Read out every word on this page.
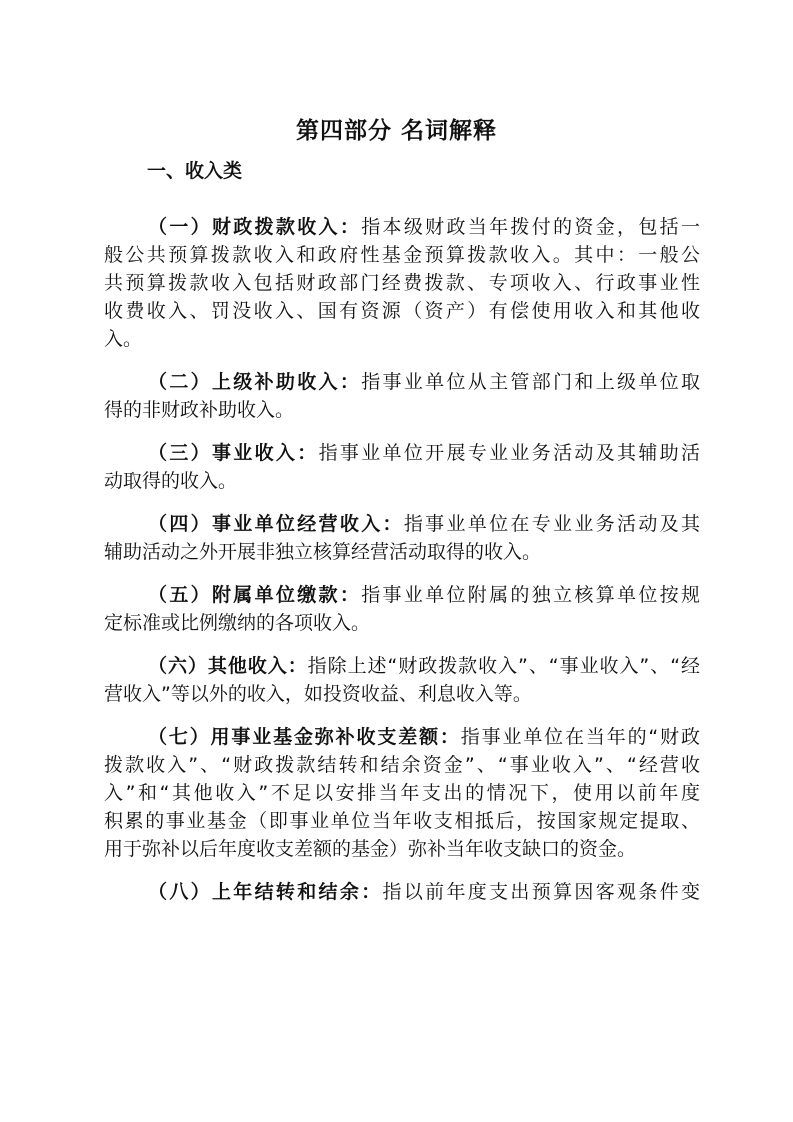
第四部分 名词解释
一、收入类
（一）财政拨款收入：指本级财政当年拨付的资金，包括一
般公共预算拨款收入和政府性基金预算拨款收入。其中：一般公
共预算拨款收入包括财政部门经费拨款、专项收入、行政事业性
收费收入、罚没收入、国有资源（资产）有偿使用收入和其他收
入。
（二）上级补助收入：指事业单位从主管部门和上级单位取
得的非财政补助收入。
（三）事业收入：指事业单位开展专业业务活动及其辅助活
动取得的收入。
（四）事业单位经营收入：指事业单位在专业业务活动及其
辅助活动之外开展非独立核算经营活动取得的收入。
（五）附属单位缴款：指事业单位附属的独立核算单位按规
定标准或比例缴纳的各项收入。
（六）其他收入：指除上述“财政拨款收入”、“事业收入”、“经
营收入”等以外的收入，如投资收益、利息收入等。
（七）用事业基金弥补收支差额：指事业单位在当年的“财政
拨款收入”、“财政拨款结转和结余资金”、“事业收入”、“经营收
入”和“其他收入”不足以安排当年支出的情况下，使用以前年度
积累的事业基金（即事业单位当年收支相抵后，按国家规定提取、
用于弥补以后年度收支差额的基金）弥补当年收支缺口的资金。
（八）上年结转和结余：指以前年度支出预算因客观条件变
